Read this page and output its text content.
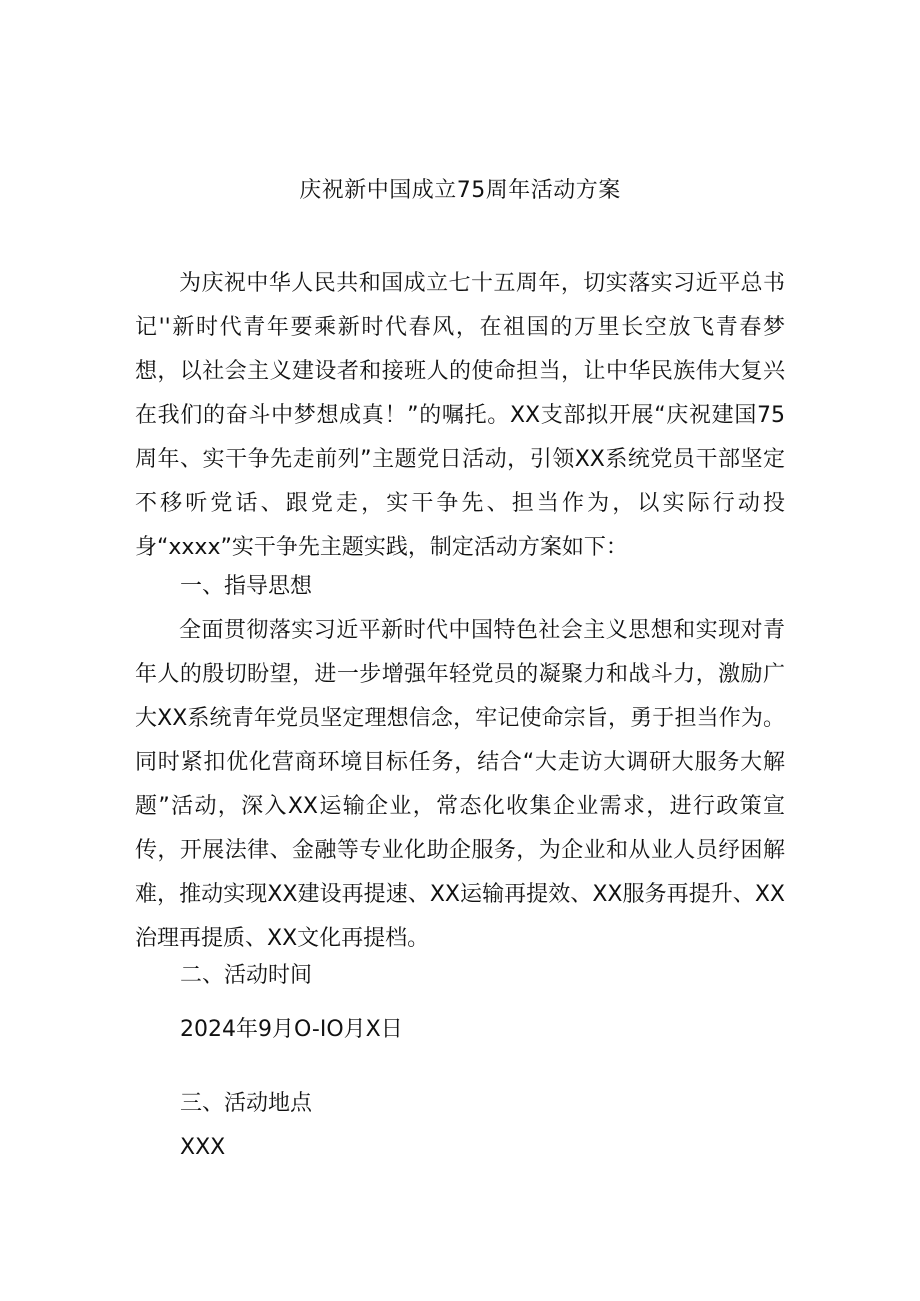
庆祝新中国成立75周年活动方案

为庆祝中华人民共和国成立七十五周年，切实落实习近平总书记''新时代青年要乘新时代春风，在祖国的万里长空放飞青春梦想，以社会主义建设者和接班人的使命担当，让中华民族伟大复兴在我们的奋斗中梦想成真！”的嘱托。XX支部拟开展“庆祝建国75周年、实干争先走前列”主题党日活动，引领XX系统党员干部坚定不移听党话、跟党走，实干争先、担当作为，以实际行动投身“xxxx”实干争先主题实践，制定活动方案如下：

一、指导思想

全面贯彻落实习近平新时代中国特色社会主义思想和实现对青年人的殷切盼望，进一步增强年轻党员的凝聚力和战斗力，激励广大XX系统青年党员坚定理想信念，牢记使命宗旨，勇于担当作为。同时紧扣优化营商环境目标任务，结合“大走访大调研大服务大解题”活动，深入XX运输企业，常态化收集企业需求，进行政策宣传，开展法律、金融等专业化助企服务，为企业和从业人员纾困解难，推动实现XX建设再提速、XX运输再提效、XX服务再提升、XX治理再提质、XX文化再提档。

二、活动时间

2024年9月O-IO月X日

三、活动地点

XXX
